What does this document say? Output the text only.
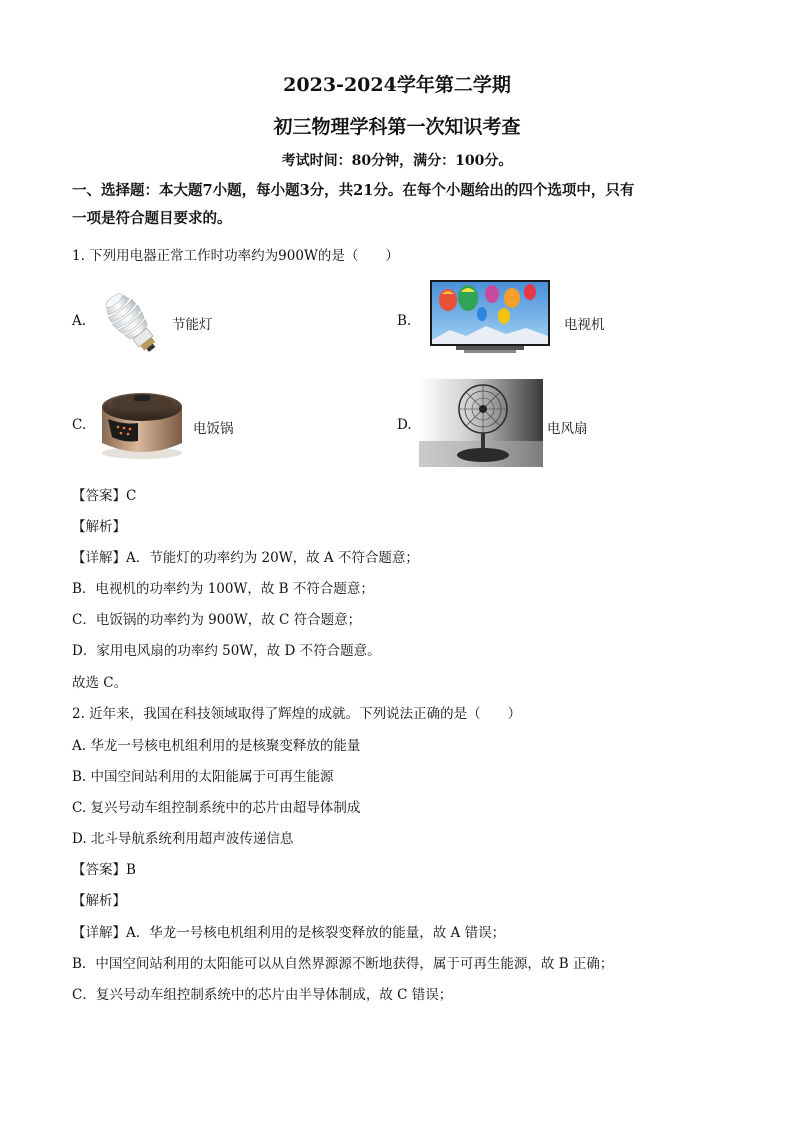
2023-2024学年第二学期
初三物理学科第一次知识考查
考试时间：80分钟，满分：100分。
一、选择题：本大题7小题，每小题3分，共21分。在每个小题给出的四个选项中，只有
一项是符合题目要求的。
1. 下列用电器正常工作时功率约为900W的是（　　）
A.	节能灯	B.	电视机
C.	电饭锅	D.	电风扇
【答案】C
【解析】
【详解】A．节能灯的功率约为 20W，故 A 不符合题意；
B．电视机的功率约为 100W，故 B 不符合题意；
C．电饭锅的功率约为 900W，故 C 符合题意；
D．家用电风扇的功率约 50W，故 D 不符合题意。
故选 C。
2. 近年来，我国在科技领域取得了辉煌的成就。下列说法正确的是（　　）
A. 华龙一号核电机组利用的是核聚变释放的能量
B. 中国空间站利用的太阳能属于可再生能源
C. 复兴号动车组控制系统中的芯片由超导体制成
D. 北斗导航系统利用超声波传递信息
【答案】B
【解析】
【详解】A．华龙一号核电机组利用的是核裂变释放的能量，故 A 错误；
B．中国空间站利用的太阳能可以从自然界源源不断地获得，属于可再生能源，故 B 正确；
C．复兴号动车组控制系统中的芯片由半导体制成，故 C 错误；
